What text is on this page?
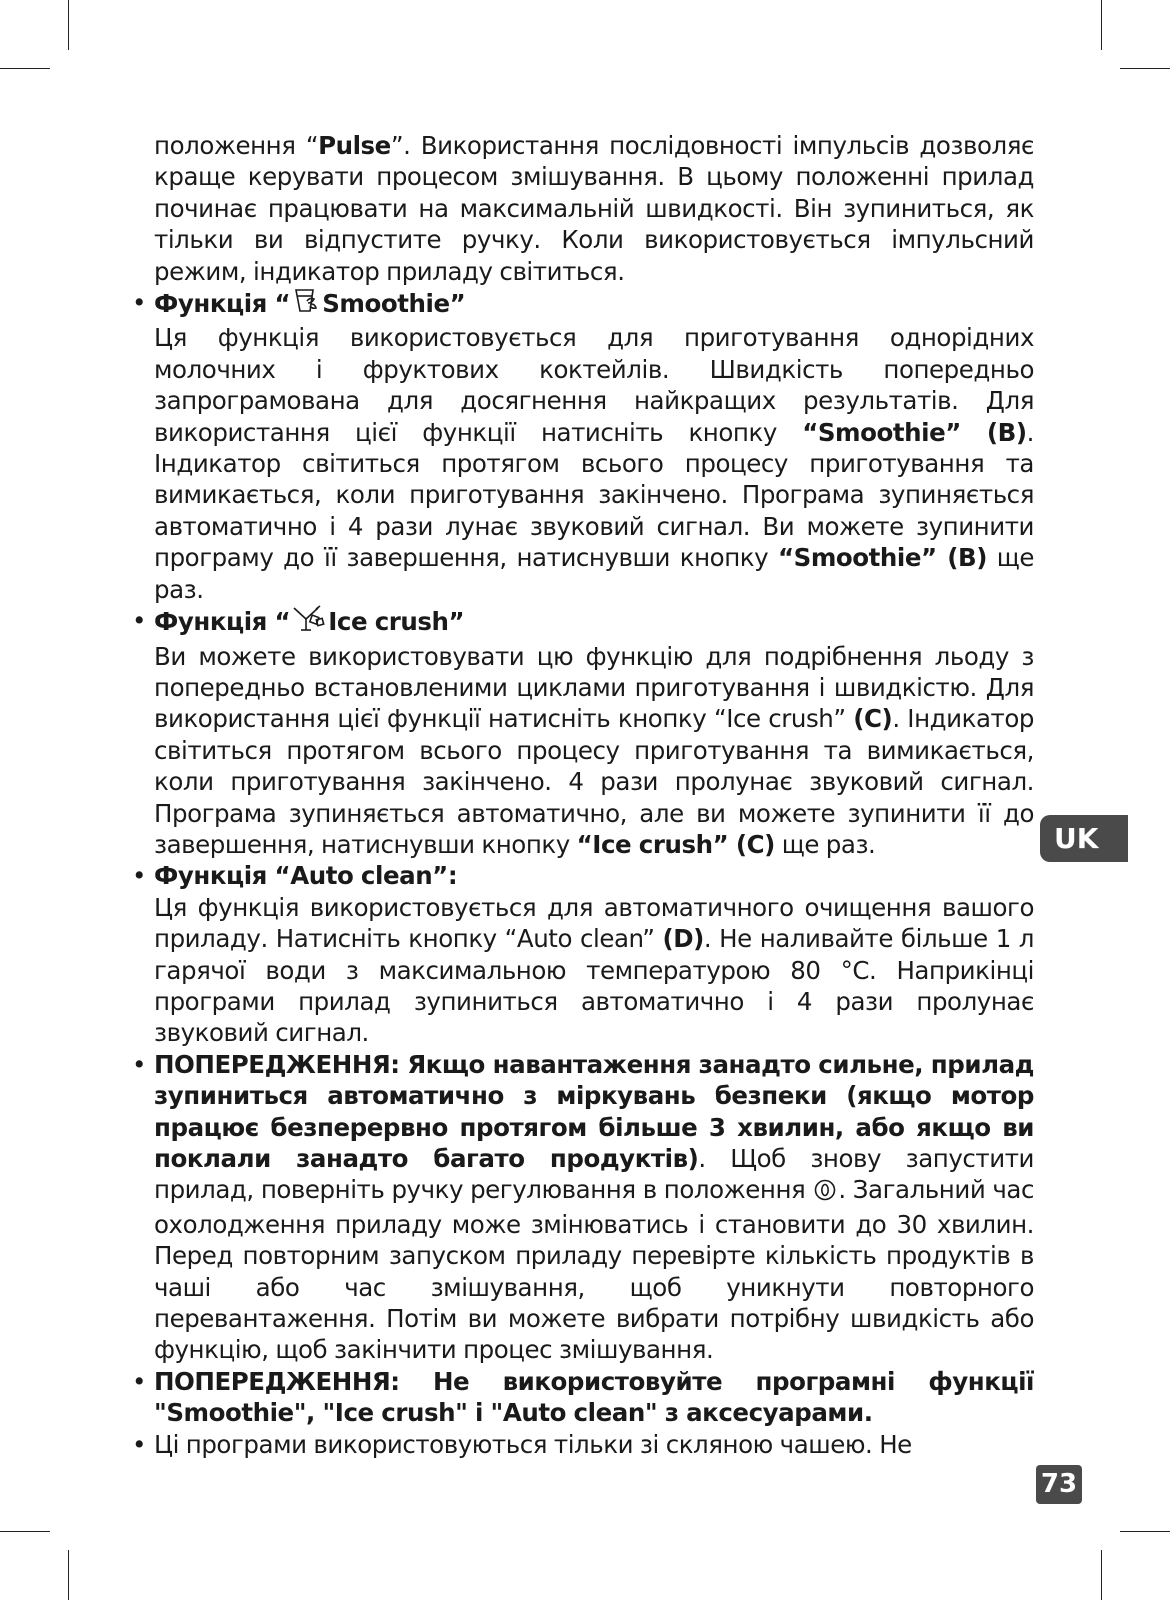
положення “Pulse”. Використання послідовності імпульсів дозволяє краще керувати процесом змішування. В цьому положенні прилад починає працювати на максимальній швидкості. Він зупиниться, як тільки ви відпустите ручку. Коли використовується імпульсний режим, індикатор приладу світиться.

• Функція “ Smoothie”

Ця функція використовується для приготування однорідних молочних і фруктових коктейлів. Швидкість попередньо запрограмована для досягнення найкращих результатів. Для використання цієї функції натисніть кнопку “Smoothie” (B). Індикатор світиться протягом всього процесу приготування та вимикається, коли приготування закінчено. Програма зупиняється автоматично і 4 рази лунає звуковий сигнал. Ви можете зупинити програму до її завершення, натиснувши кнопку “Smoothie” (B) ще раз.

• Функція “ Ice crush”

Ви можете використовувати цю функцію для подрібнення льоду з попередньо встановленими циклами приготування і швидкістю. Для використання цієї функції натисніть кнопку “Ice crush” (C). Індикатор світиться протягом всього процесу приготування та вимикається, коли приготування закінчено. 4 рази пролунає звуковий сигнал. Програма зупиняється автоматично, але ви можете зупинити її до завершення, натиснувши кнопку “Ice crush” (C) ще раз.

• Функція “Auto clean”:

Ця функція використовується для автоматичного очищення вашого приладу. Натисніть кнопку “Auto clean” (D). Не наливайте більше 1 л гарячої води з максимальною температурою 80 °C. Наприкінці програми прилад зупиниться автоматично і 4 рази пролунає звуковий сигнал.

• ПОПЕРЕДЖЕННЯ: Якщо навантаження занадто сильне, прилад зупиниться автоматично з міркувань безпеки (якщо мотор працює безперервно протягом більше 3 хвилин, або якщо ви поклали занадто багато продуктів). Щоб знову запустити прилад, поверніть ручку регулювання в положення . Загальний час охолодження приладу може змінюватись і становити до 30 хвилин. Перед повторним запуском приладу перевірте кількість продуктів в чаші або час змішування, щоб уникнути повторного перевантаження. Потім ви можете вибрати потрібну швидкість або функцію, щоб закінчити процес змішування.

• ПОПЕРЕДЖЕННЯ: Не використовуйте програмні функції "Smoothie", "Ice crush" і "Auto clean" з аксесуарами.

• Ці програми використовуються тільки зі скляною чашею. Не

UK
73
